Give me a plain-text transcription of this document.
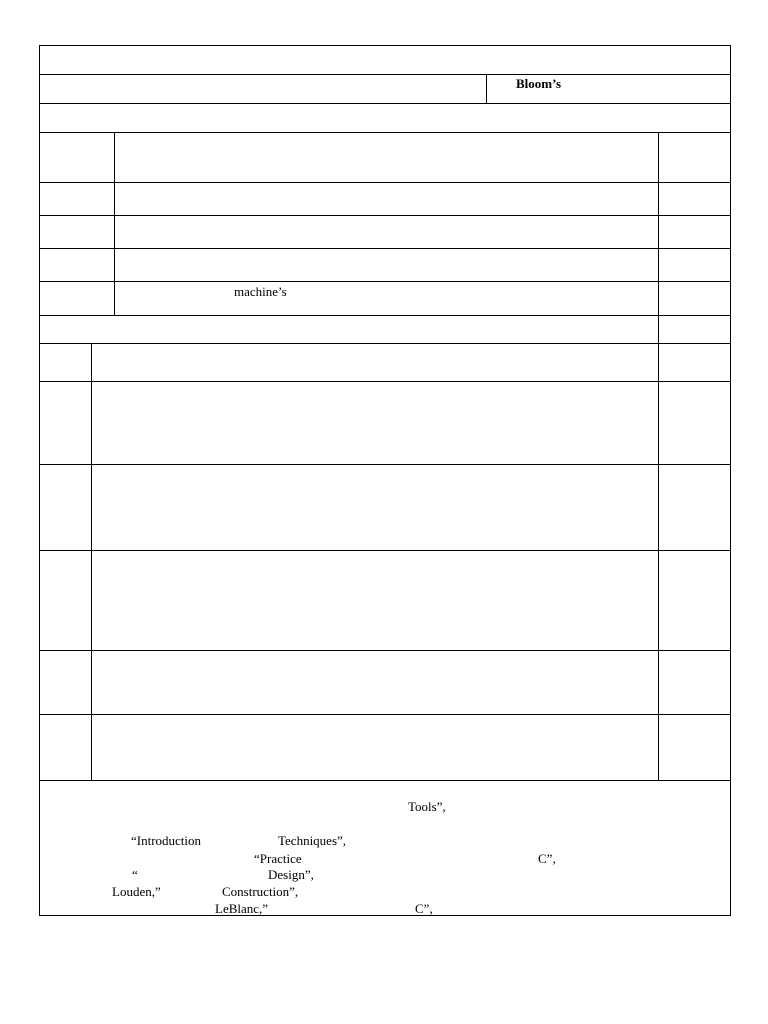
Bloom’s
machine’s
Tools”,
“Introduction	Techniques”,
“Practice	C”,
“	Design”,
Louden,”	Construction”,
LeBlanc,”	C”,
